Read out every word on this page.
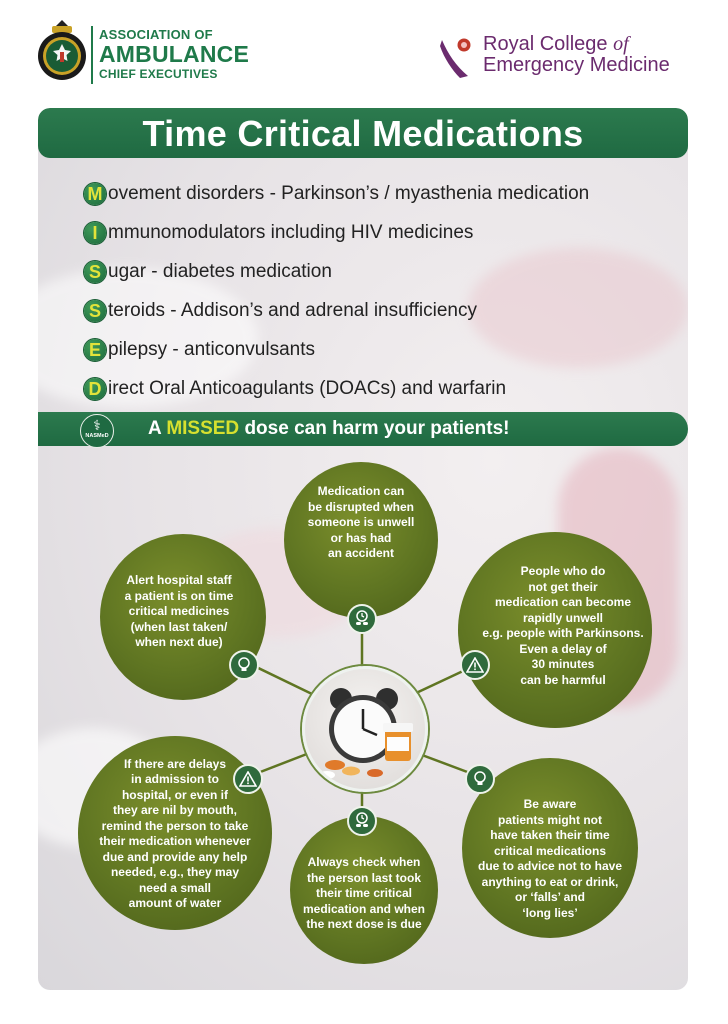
ASSOCIATION OF
AMBULANCE
CHIEF EXECUTIVES
Royal College of
Emergency Medicine
Time Critical Medications
M ovement disorders - Parkinson’s / myasthenia medication
I mmunomodulators including HIV medicines
S ugar - diabetes medication
S teroids - Addison’s and adrenal insufficiency
E pilepsy - anticonvulsants
D irect Oral Anticoagulants (DOACs) and warfarin
⚕
NASMeD A MISSED dose can harm your patients!
Medication can
be disrupted when
someone is unwell
or has had
an accident
Alert hospital staff
a patient is on time
critical medicines
(when last taken/
when next due)
People who do
not get their
medication can become
rapidly unwell
e.g. people with Parkinsons.
Even a delay of
30 minutes
can be harmful
If there are delays
in admission to
hospital, or even if
they are nil by mouth,
remind the person to take
their medication whenever
due and provide any help
needed, e.g., they may
need a small
amount of water
Always check when
the person last took
their time critical
medication and when
the next dose is due
Be aware
patients might not
have taken their time
critical medications
due to advice not to have
anything to eat or drink,
or ‘falls’ and
‘long lies’
